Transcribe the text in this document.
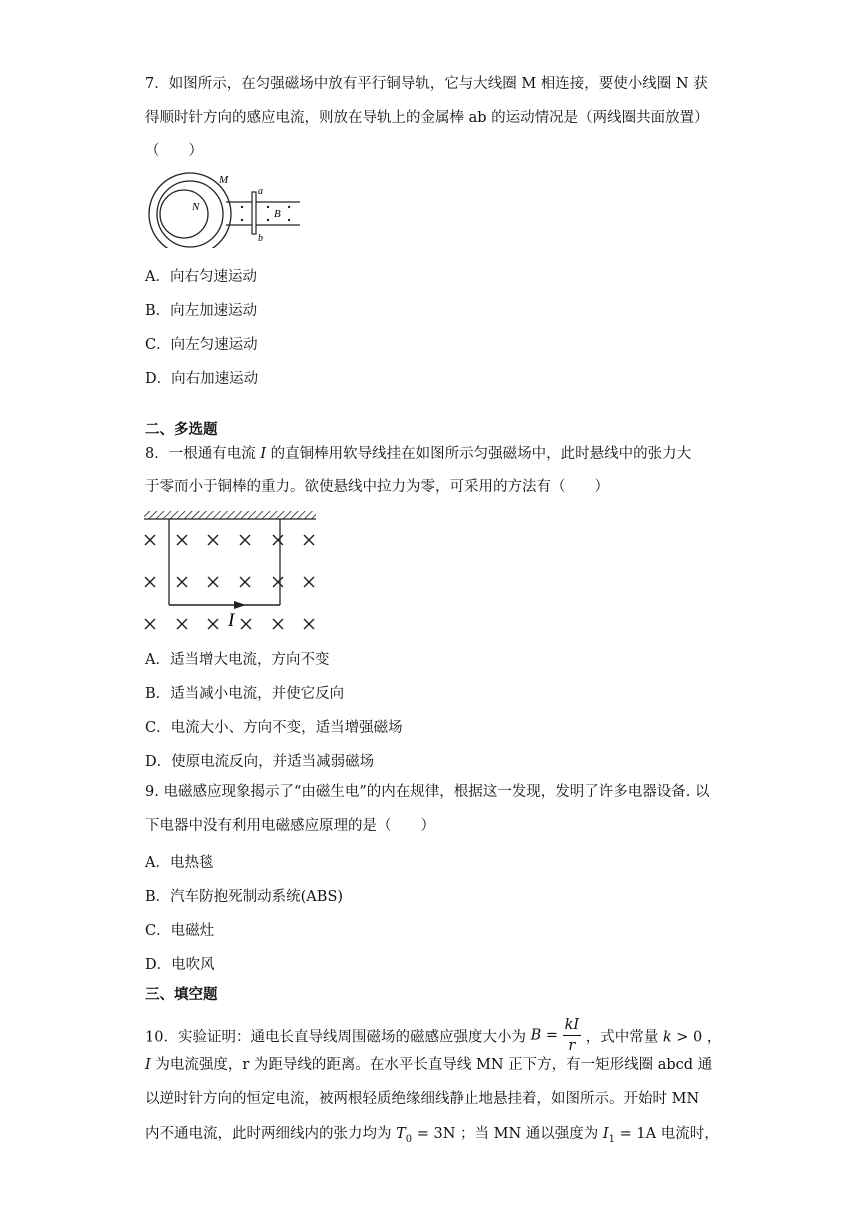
7．如图所示，在匀强磁场中放有平行铜导轨，它与大线圈 M 相连接，要使小线圈 N 获
得顺时针方向的感应电流，则放在导轨上的金属棒 ab 的运动情况是（两线圈共面放置）
（　　）
M
N
a
b
B
A．向右匀速运动
B．向左加速运动
C．向左匀速运动
D．向右加速运动
二、多选题
8．一根通有电流 I 的直铜棒用软导线挂在如图所示匀强磁场中，此时悬线中的张力大
于零而小于铜棒的重力。欲使悬线中拉力为零，可采用的方法有（　　）
I
A．适当增大电流，方向不变
B．适当减小电流，并使它反向
C．电流大小、方向不变，适当增强磁场
D．使原电流反向，并适当减弱磁场
9. 电磁感应现象揭示了“由磁生电”的内在规律，根据这一发现，发明了许多电器设备. 以
下电器中没有利用电磁感应原理的是（　　）
A．电热毯
B．汽车防抱死制动系统(ABS)
C．电磁灶
D．电吹风
三、填空题
10．实验证明：通电长直导线周围磁场的磁感应强度大小为 $B = \frac{kI}{r}$ ，式中常量 k > 0 ，
I 为电流强度，r 为距导线的距离。在水平长直导线 MN 正下方，有一矩形线圈 abcd 通
以逆时针方向的恒定电流，被两根轻质绝缘细线静止地悬挂着，如图所示。开始时 MN
内不通电流，此时两细线内的张力均为 $T_0 = 3N$ ；当 MN 通以强度为 $I_1 = 1A$ 电流时，
